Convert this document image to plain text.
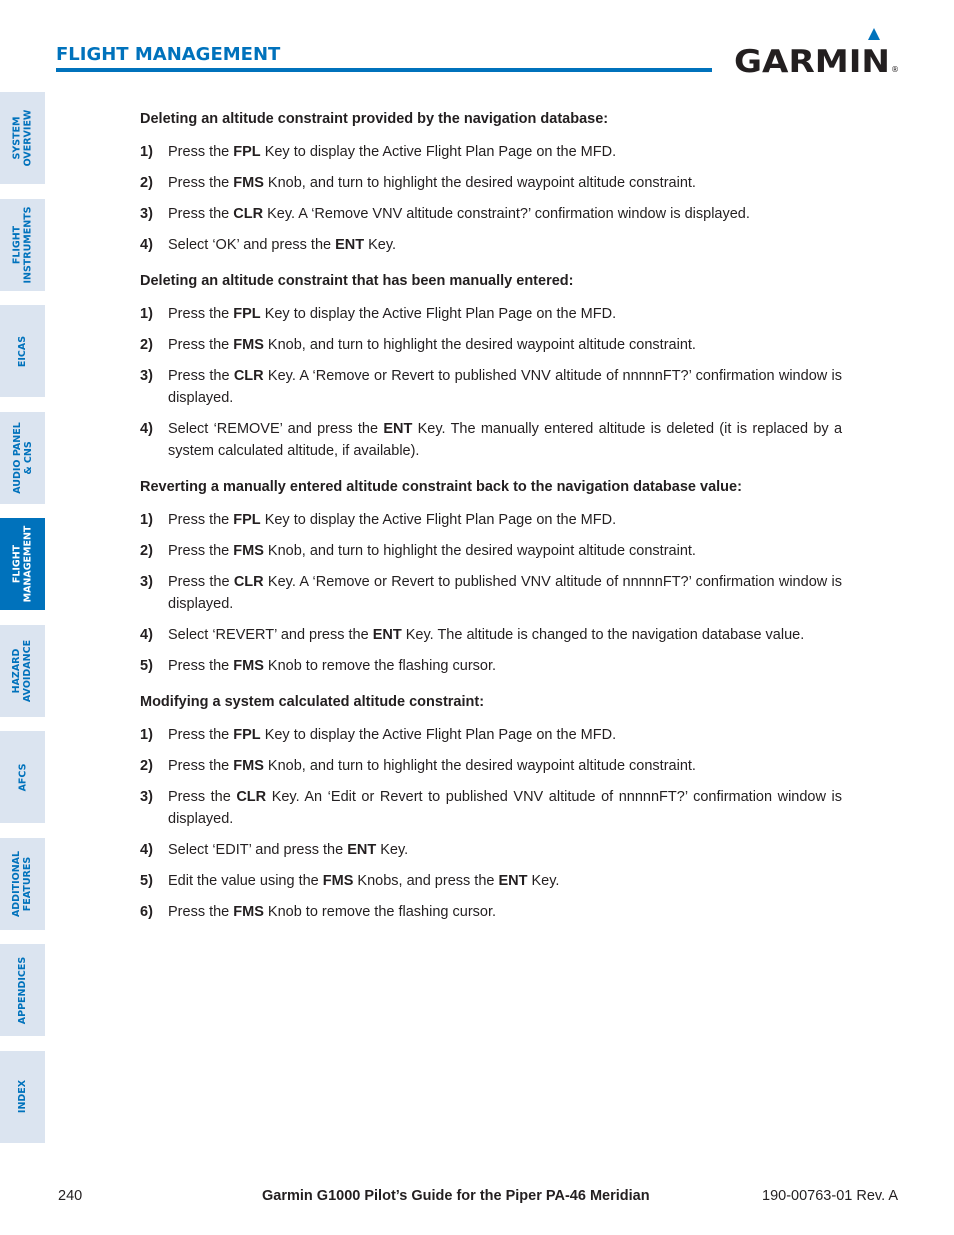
FLIGHT MANAGEMENT	GARMIN ®
SYSTEM OVERVIEW
FLIGHT INSTRUMENTS
EICAS
AUDIO PANEL & CNS
FLIGHT MANAGEMENT
HAZARD AVOIDANCE
AFCS
ADDITIONAL FEATURES
APPENDICES
INDEX
Deleting an altitude constraint provided by the navigation database:
1)	Press the FPL Key to display the Active Flight Plan Page on the MFD.
2)	Press the FMS Knob, and turn to highlight the desired waypoint altitude constraint.
3)	Press the CLR Key. A ‘Remove VNV altitude constraint?’ confirmation window is displayed.
4)	Select ‘OK’ and press the ENT Key.
Deleting an altitude constraint that has been manually entered:
1)	Press the FPL Key to display the Active Flight Plan Page on the MFD.
2)	Press the FMS Knob, and turn to highlight the desired waypoint altitude constraint.
3)	Press the CLR Key. A ‘Remove or Revert to published VNV altitude of nnnnnFT?’ confirmation window is displayed.
4)	Select ‘REMOVE’ and press the ENT Key. The manually entered altitude is deleted (it is replaced by a system calculated altitude, if available).
Reverting a manually entered altitude constraint back to the navigation database value:
1)	Press the FPL Key to display the Active Flight Plan Page on the MFD.
2)	Press the FMS Knob, and turn to highlight the desired waypoint altitude constraint.
3)	Press the CLR Key. A ‘Remove or Revert to published VNV altitude of nnnnnFT?’ confirmation window is displayed.
4)	Select ‘REVERT’ and press the ENT Key. The altitude is changed to the navigation database value.
5)	Press the FMS Knob to remove the flashing cursor.
Modifying a system calculated altitude constraint:
1)	Press the FPL Key to display the Active Flight Plan Page on the MFD.
2)	Press the FMS Knob, and turn to highlight the desired waypoint altitude constraint.
3)	Press the CLR Key. An ‘Edit or Revert to published VNV altitude of nnnnnFT?’ confirmation window is displayed.
4)	Select ‘EDIT’ and press the ENT Key.
5)	Edit the value using the FMS Knobs, and press the ENT Key.
6)	Press the FMS Knob to remove the flashing cursor.
240	Garmin G1000 Pilot’s Guide for the Piper PA-46 Meridian	190-00763-01 Rev. A
